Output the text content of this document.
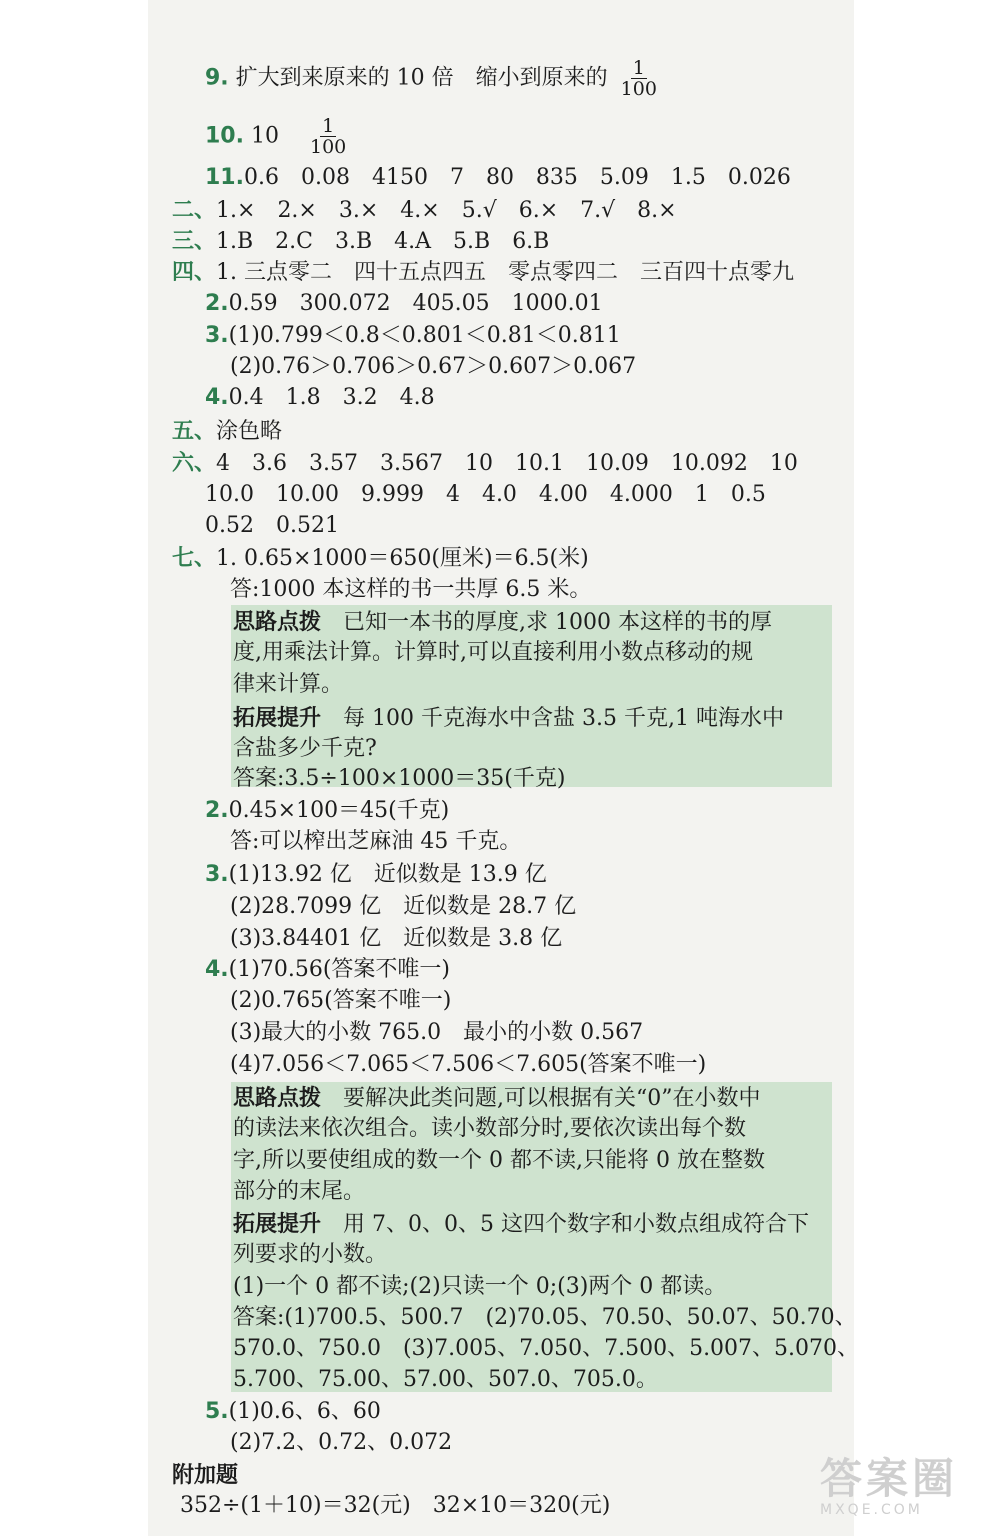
9. 扩大到来原来的 10 倍　缩小到原来的 $\frac{1}{100}$
10. $10 \frac{1}{100}$
11.0.6　0.08　4150　7　80　835　5.09　1.5　0.026
二、1.×　2.×　3.×　4.×　5.√　6.×　7.√　8.×
三、1.B　2.C　3.B　4.A　5.B　6.B
四、1. 三点零二　四十五点四五　零点零四二　三百四十点零九
2.0.59　300.072　405.05　1000.01
3.(1)0.799＜0.8＜0.801＜0.81＜0.811
(2)0.76＞0.706＞0.67＞0.607＞0.067
4.0.4　1.8　3.2　4.8
五、涂色略
六、4　3.6　3.57　3.567　10　10.1　10.09　10.092　10
10.0　10.00　9.999　4　4.0　4.00　4.000　1　0.5
0.52　0.521
七、1. 0.65×1000＝650(厘米)＝6.5(米)
答:1000 本这样的书一共厚 6.5 米。
思路点拨　已知一本书的厚度,求 1000 本这样的书的厚
度,用乘法计算。计算时,可以直接利用小数点移动的规
律来计算。
拓展提升　每 100 千克海水中含盐 3.5 千克,1 吨海水中
含盐多少千克?
答案:3.5÷100×1000＝35(千克)
2.0.45×100＝45(千克)
答:可以榨出芝麻油 45 千克。
3.(1)13.92 亿　近似数是 13.9 亿
(2)28.7099 亿　近似数是 28.7 亿
(3)3.84401 亿　近似数是 3.8 亿
4.(1)70.56(答案不唯一)
(2)0.765(答案不唯一)
(3)最大的小数 765.0　最小的小数 0.567
(4)7.056＜7.065＜7.506＜7.605(答案不唯一)
思路点拨　要解决此类问题,可以根据有关“0”在小数中
的读法来依次组合。读小数部分时,要依次读出每个数
字,所以要使组成的数一个 0 都不读,只能将 0 放在整数
部分的末尾。
拓展提升　用 7、0、0、5 这四个数字和小数点组成符合下
列要求的小数。
(1)一个 0 都不读;(2)只读一个 0;(3)两个 0 都读。
答案:(1)700.5、500.7　(2)70.05、70.50、50.07、50.70、
570.0、750.0　(3)7.005、7.050、7.500、5.007、5.070、
5.700、75.00、57.00、507.0、705.0。
5.(1)0.6、6、60
(2)7.2、0.72、0.072
附加题
352÷(1＋10)＝32(元)　32×10＝320(元)
答案圈
MXQE.COM
